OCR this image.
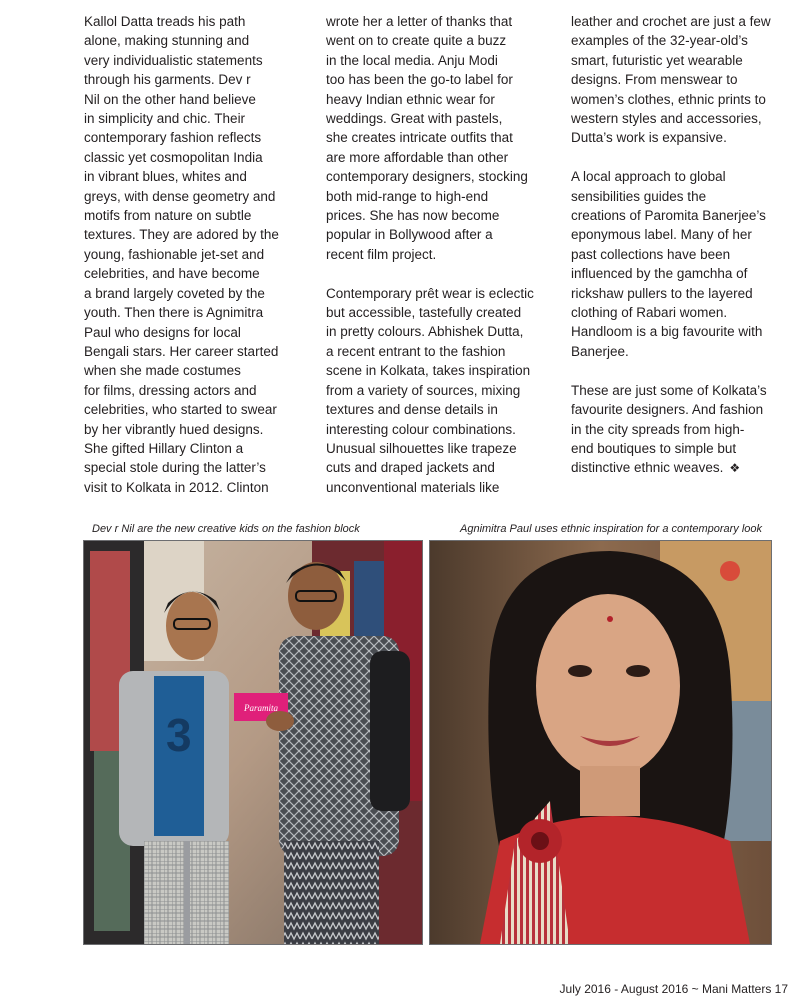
Kallol Datta treads his path
alone, making stunning and
very individualistic statements
through his garments. Dev r
Nil on the other hand believe
in simplicity and chic. Their
contemporary fashion reflects
classic yet cosmopolitan India
in vibrant blues, whites and
greys, with dense geometry and
motifs from nature on subtle
textures. They are adored by the
young, fashionable jet-set and
celebrities, and have become
a brand largely coveted by the
youth. Then there is Agnimitra
Paul who designs for local
Bengali stars. Her career started
when she made costumes
for films, dressing actors and
celebrities, who started to swear
by her vibrantly hued designs.
She gifted Hillary Clinton a
special stole during the latter’s
visit to Kolkata in 2012. Clinton
wrote her a letter of thanks that
went on to create quite a buzz
in the local media. Anju Modi
too has been the go-to label for
heavy Indian ethnic wear for
weddings. Great with pastels,
she creates intricate outfits that
are more affordable than other
contemporary designers, stocking
both mid-range to high-end
prices. She has now become
popular in Bollywood after a
recent film project.
Contemporary prêt wear is eclectic
but accessible, tastefully created
in pretty colours. Abhishek Dutta,
a recent entrant to the fashion
scene in Kolkata, takes inspiration
from a variety of sources, mixing
textures and dense details in
interesting colour combinations.
Unusual silhouettes like trapeze
cuts and draped jackets and
unconventional materials like
leather and crochet are just a few
examples of the 32-year-old’s
smart, futuristic yet wearable
designs. From menswear to
women’s clothes, ethnic prints to
western styles and accessories,
Dutta’s work is expansive.
A local approach to global
sensibilities guides the
creations of Paromita Banerjee’s
eponymous label. Many of her
past collections have been
influenced by the gamchha of
rickshaw pullers to the layered
clothing of Rabari women.
Handloom is a big favourite with
Banerjee.
These are just some of Kolkata’s
favourite designers. And fashion
in the city spreads from high-
end boutiques to simple but
distinctive ethnic weaves. ❖
Dev r Nil are the new creative kids on the fashion block	Agnimitra Paul uses ethnic inspiration for a contemporary look
3
Paramita
July 2016 - August 2016 ~ Mani Matters 17
